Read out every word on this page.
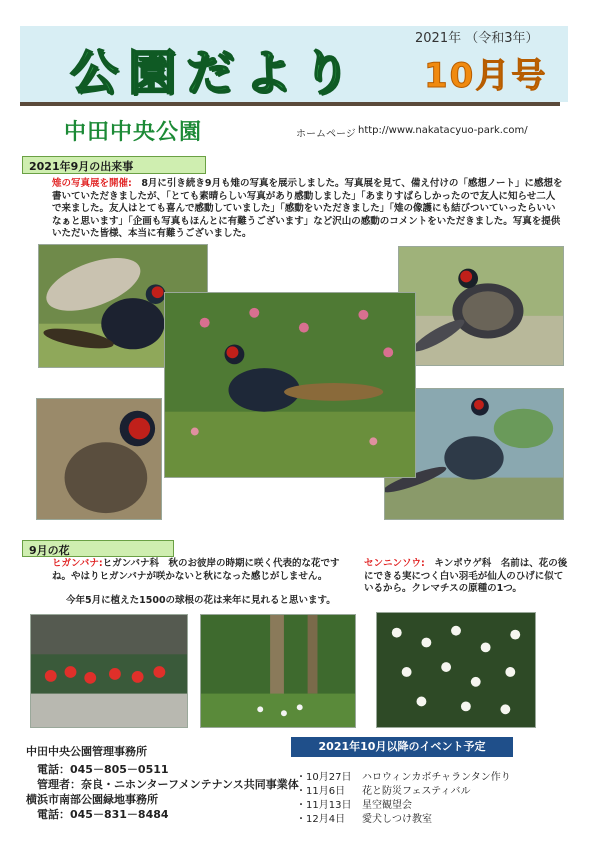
公園だより
2021年 （令和3年）
10月号
中田中央公園	ホームページ http://www.nakatacyuo-park.com/
2021年9月の出来事
雉の写真展を開催:　8月に引き続き9月も雉の写真を展示しました。写真展を見て、備え付けの「感想ノート」に感想を書いていただきましたが、「とても素晴らしい写真があり感動しました」「あまりすばらしかったので友人に知らせ二人で来ました。友人はとても喜んで感動していました」「感動をいただきました」「雉の像護にも結びついていったらいいなぁと思います」「企画も写真もほんとに有難うございます」など沢山の感動のコメントをいただきました。写真を提供いただいた皆様、本当に有難うございました。
9月の花
ヒガンバナ:ヒガンバナ科　秋のお彼岸の時期に咲く代表的な花ですね。やはりヒガンバナが咲かないと秋になった感じがしません。
今年5月に植えた1500の球根の花は来年に見れると思います。
センニンソウ:　キンポウゲ科　名前は、花の後にできる実につく白い羽毛が仙人のひげに似ているから。クレマチスの原種の1つ。
中田中央公園管理事務所
　電話：045－805－0511
　管理者：奈良・ニホンターフメンテナンス共同事業体
横浜市南部公園緑地事務所
　電話：045－831－8484
2021年10月以降のイベント予定
・10月27日 ハロウィンカボチャランタン作り
・11月6日 花と防災フェスティバル
・11月13日 星空観望会
・12月4日 愛犬しつけ教室
